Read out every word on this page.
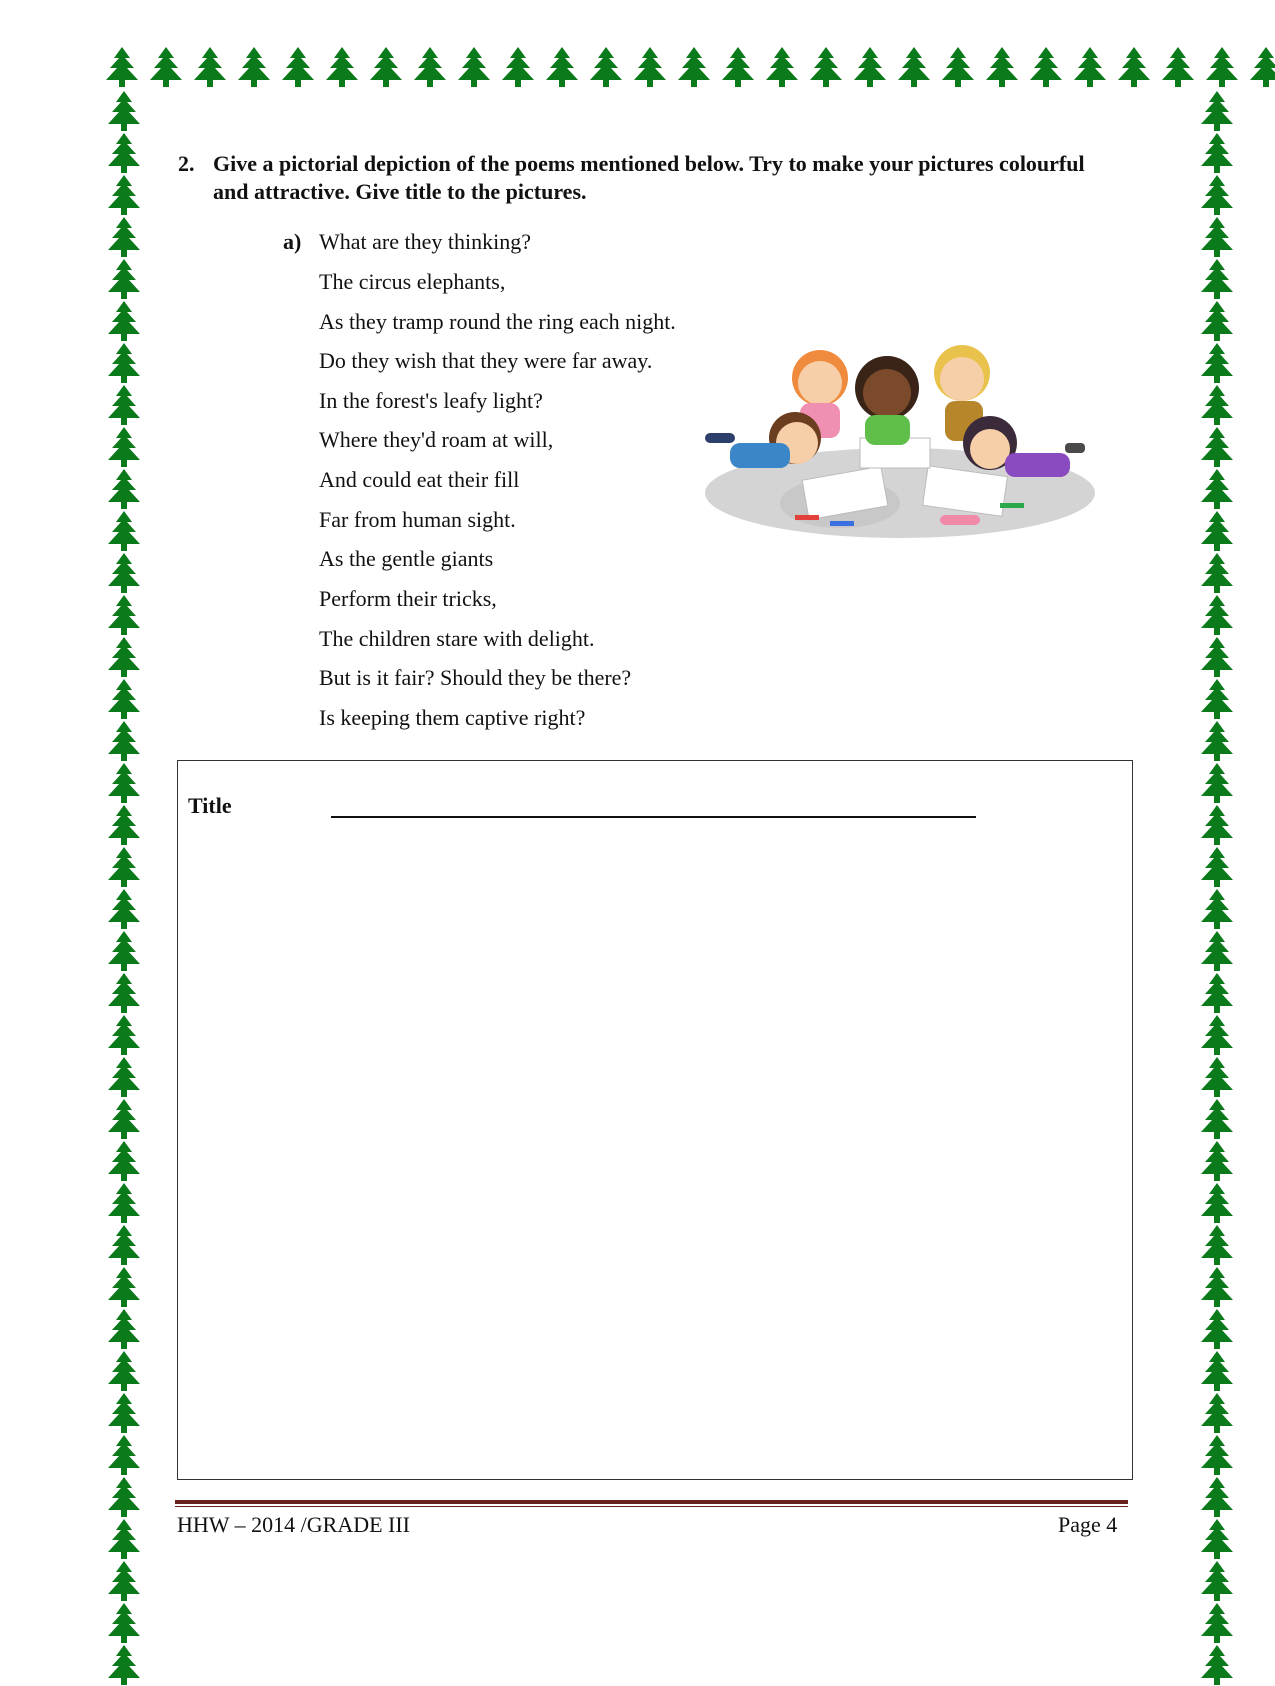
2. Give a pictorial depiction of the poems mentioned below. Try to make your pictures colourful and attractive. Give title to the pictures.
a) What are they thinking?
The circus elephants,
As they tramp round the ring each night.
Do they wish that they were far away.
In the forest's leafy light?
Where they'd roam at will,
And could eat their fill
Far from human sight.
As the gentle giants
Perform their tricks,
The children stare with delight.
But is it fair? Should they be there?
Is keeping them captive right?
Title
HHW – 2014 /GRADE III	Page 4
